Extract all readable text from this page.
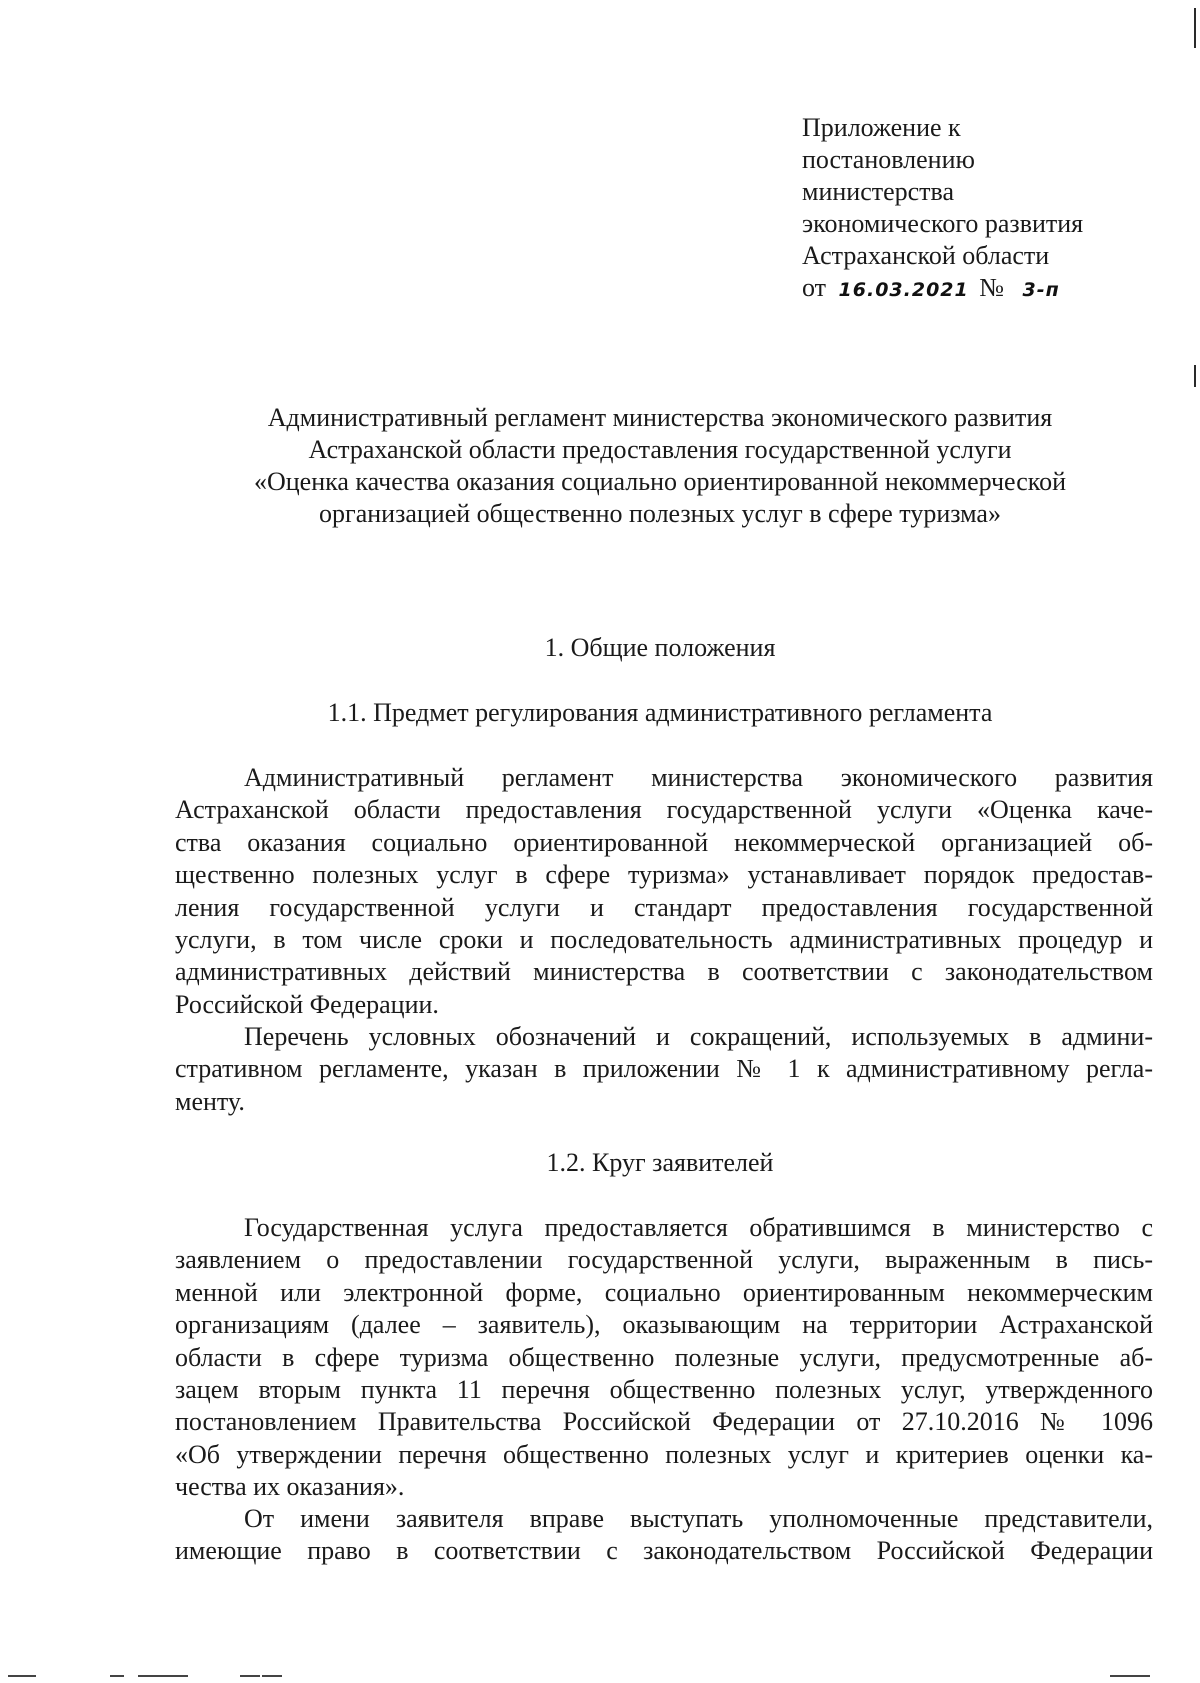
Приложение к
постановлению
министерства
экономического развития
Астраханской области
от 16.03.2021 № 3-п
Административный регламент министерства экономического развития
Астраханской области предоставления государственной услуги
«Оценка качества оказания социально ориентированной некоммерческой
организацией общественно полезных услуг в сфере туризма»
1. Общие положения
1.1. Предмет регулирования административного регламента
Административный регламент министерства экономического развития
Астраханской области предоставления государственной услуги «Оценка каче-
ства оказания социально ориентированной некоммерческой организацией об-
щественно полезных услуг в сфере туризма» устанавливает порядок предостав-
ления государственной услуги и стандарт предоставления государственной
услуги, в том числе сроки и последовательность административных процедур и
административных действий министерства в соответствии с законодательством
Российской Федерации.
Перечень условных обозначений и сокращений, используемых в админи-
стративном регламенте, указан в приложении № 1 к административному регла-
менту.
1.2. Круг заявителей
Государственная услуга предоставляется обратившимся в министерство с
заявлением о предоставлении государственной услуги, выраженным в пись-
менной или электронной форме, социально ориентированным некоммерческим
организациям (далее – заявитель), оказывающим на территории Астраханской
области в сфере туризма общественно полезные услуги, предусмотренные аб-
зацем вторым пункта 11 перечня общественно полезных услуг, утвержденного
постановлением Правительства Российской Федерации от 27.10.2016 № 1096
«Об утверждении перечня общественно полезных услуг и критериев оценки ка-
чества их оказания».
От имени заявителя вправе выступать уполномоченные представители,
имеющие право в соответствии с законодательством Российской Федерации
